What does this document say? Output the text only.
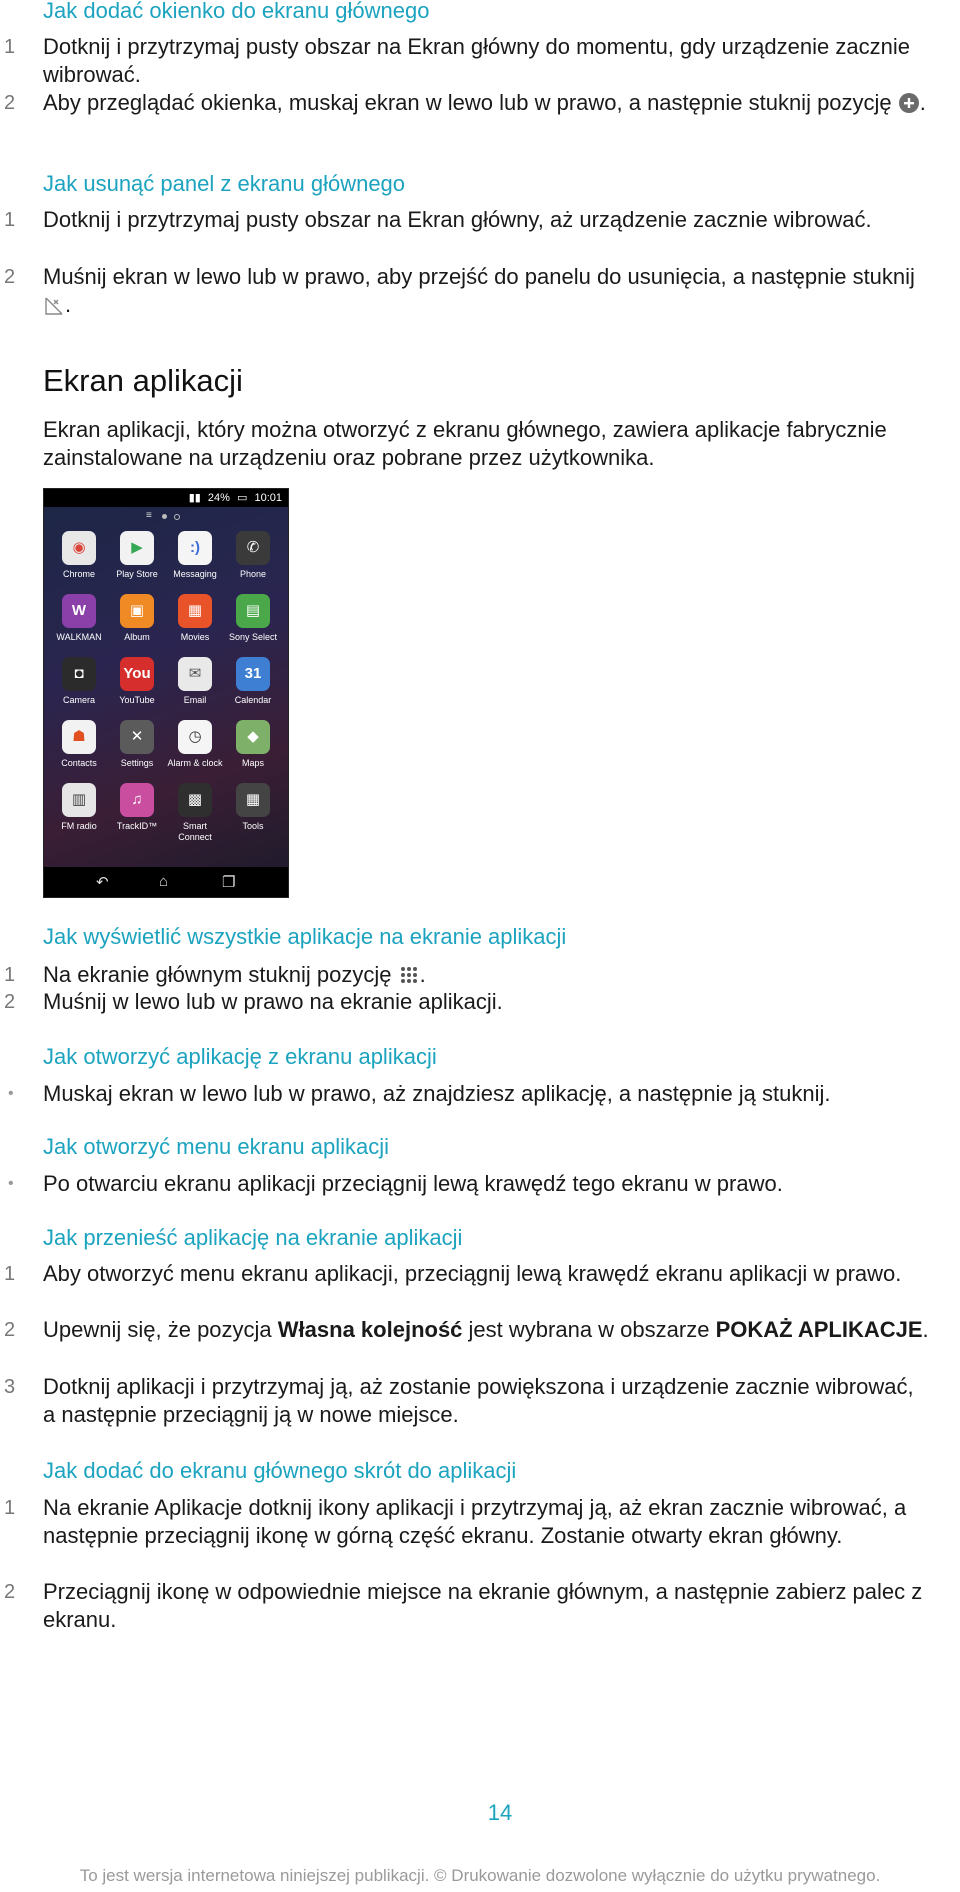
Jak dodać okienko do ekranu głównego
1 Dotknij i przytrzymaj pusty obszar na Ekran główny do momentu, gdy urządzenie zacznie wibrować.
2 Aby przeglądać okienka, muskaj ekran w lewo lub w prawo, a następnie stuknij pozycję .
Jak usunąć panel z ekranu głównego
1 Dotknij i przytrzymaj pusty obszar na Ekran główny, aż urządzenie zacznie wibrować.
2 Muśnij ekran w lewo lub w prawo, aby przejść do panelu do usunięcia, a następnie stuknij .
Ekran aplikacji

Ekran aplikacji, który można otworzyć z ekranu głównego, zawiera aplikacje fabrycznie zainstalowane na urządzeniu oraz pobrane przez użytkownika.

▮▮ 24% ▭ 10:01
≡
◉
Chrome
▶
Play Store
:)
Messaging
✆
Phone
W
WALKMAN
▣
Album
▦
Movies
▤
Sony Select
◘
Camera
You
YouTube
✉
Email
31
Calendar
☗
Contacts
✕
Settings
◷
Alarm & clock
◆
Maps
▥
FM radio
♫
TrackID™
▩
Smart Connect
▦
Tools
↶	⌂	❐
Jak wyświetlić wszystkie aplikacje na ekranie aplikacji
1 Na ekranie głównym stuknij pozycję .
2 Muśnij w lewo lub w prawo na ekranie aplikacji.
Jak otworzyć aplikację z ekranu aplikacji
• Muskaj ekran w lewo lub w prawo, aż znajdziesz aplikację, a następnie ją stuknij.
Jak otworzyć menu ekranu aplikacji
• Po otwarciu ekranu aplikacji przeciągnij lewą krawędź tego ekranu w prawo.
Jak przenieść aplikację na ekranie aplikacji
1 Aby otworzyć menu ekranu aplikacji, przeciągnij lewą krawędź ekranu aplikacji w prawo.
2 Upewnij się, że pozycja Własna kolejność jest wybrana w obszarze POKAŻ APLIKACJE.
3 Dotknij aplikacji i przytrzymaj ją, aż zostanie powiększona i urządzenie zacznie wibrować, a następnie przeciągnij ją w nowe miejsce.
Jak dodać do ekranu głównego skrót do aplikacji
1 Na ekranie Aplikacje dotknij ikony aplikacji i przytrzymaj ją, aż ekran zacznie wibrować, a następnie przeciągnij ikonę w górną część ekranu. Zostanie otwarty ekran główny.
2 Przeciągnij ikonę w odpowiednie miejsce na ekranie głównym, a następnie zabierz palec z ekranu.
14
To jest wersja internetowa niniejszej publikacji. © Drukowanie dozwolone wyłącznie do użytku prywatnego.
